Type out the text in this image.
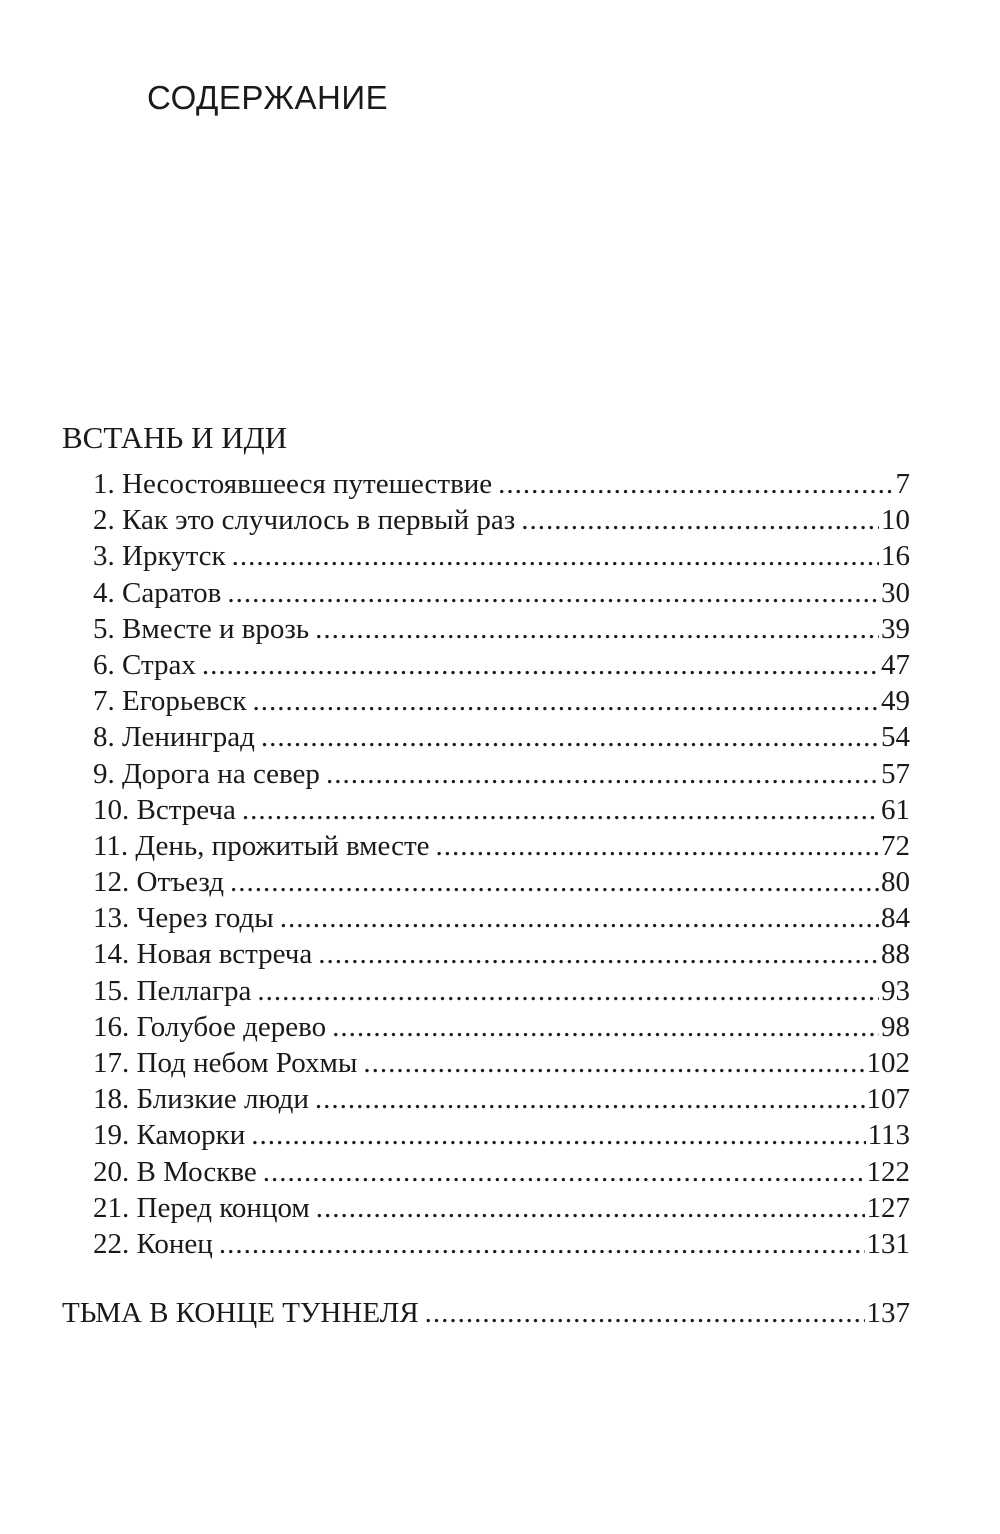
СОДЕРЖАНИЕ
ВСТАНЬ И ИДИ
1. Несостоявшееся путешествие .....	7
2. Как это случилось в первый раз .....	10
3. Иркутск .....	16
4. Саратов .....	30
5. Вместе и врозь .....	39
6. Страх .....	47
7. Егорьевск .....	49
8. Ленинград .....	54
9. Дорога на север .....	57
10. Встреча .....	61
11. День, прожитый вместе .....	72
12. Отъезд .....	80
13. Через годы .....	84
14. Новая встреча .....	88
15. Пеллагра .....	93
16. Голубое дерево .....	98
17. Под небом Рохмы .....	102
18. Близкие люди .....	107
19. Каморки .....	113
20. В Москве .....	122
21. Перед концом .....	127
22. Конец .....	131
ТЬМА В КОНЦЕ ТУННЕЛЯ .....	137
